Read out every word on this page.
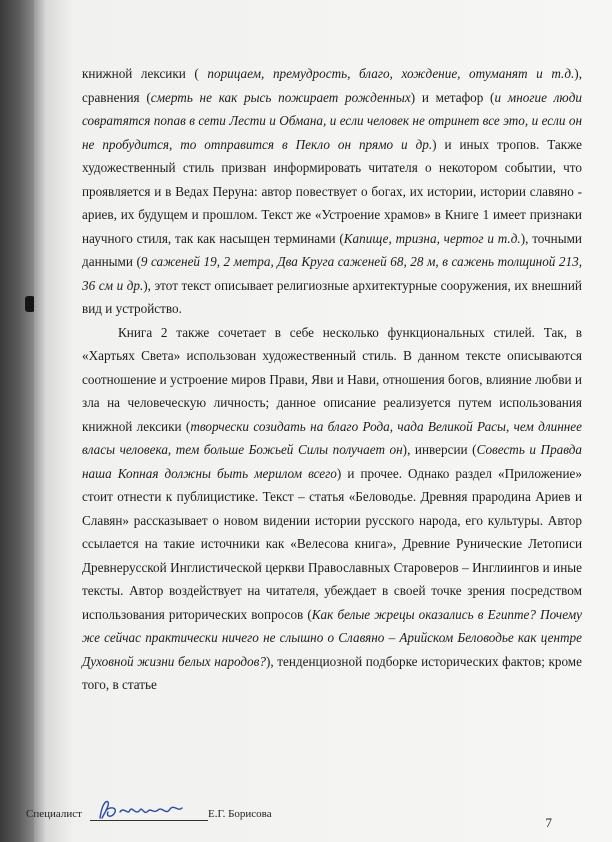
книжной лексики ( порицаем, премудрость, благо, хождение, отуманят и т.д.), сравнения (смерть не как рысь пожирает рожденных) и метафор (и многие люди совратятся попав в сети Лести и Обмана, и если человек не отринет все это, и если он не пробудится, то отправится в Пекло он прямо и др.) и иных тропов. Также художественный стиль призван информировать читателя о некотором событии, что проявляется и в Ведах Перуна: автор повествует о богах, их истории, истории славяно - ариев, их будущем и прошлом. Текст же «Устроение храмов» в Книге 1 имеет признаки научного стиля, так как насыщен терминами (Капище, тризна, чертог и т.д.), точными данными (9 саженей 19, 2 метра, Два Круга саженей 68, 28 м, в сажень толщиной 213, 36 см и др.), этот текст описывает религиозные архитектурные сооружения, их внешний вид и устройство.

Книга 2 также сочетает в себе несколько функциональных стилей. Так, в «Хартьях Света» использован художественный стиль. В данном тексте описываются соотношение и устроение миров Прави, Яви и Нави, отношения богов, влияние любви и зла на человеческую личность; данное описание реализуется путем использования книжной лексики (творчески созидать на благо Рода, чада Великой Расы, чем длиннее власы человека, тем больше Божьей Силы получает он), инверсии (Совесть и Правда наша Копная должны быть мерилом всего) и прочее. Однако раздел «Приложение» стоит отнести к публицистике. Текст – статья «Беловодье. Древняя прародина Ариев и Славян» рассказывает о новом видении истории русского народа, его культуры. Автор ссылается на такие источники как «Велесова книга», Древние Рунические Летописи Древнерусской Инглистической церкви Православных Староверов – Инглиингов и иные тексты. Автор воздействует на читателя, убеждает в своей точке зрения посредством использования риторических вопросов (Как белые жрецы оказались в Египте? Почему же сейчас практически ничего не слышно о Славяно – Арийском Беловодье как центре Духовной жизни белых народов?), тенденциозной подборке исторических фактов; кроме того, в статье

Специалист	Е.Г. Борисова
7
